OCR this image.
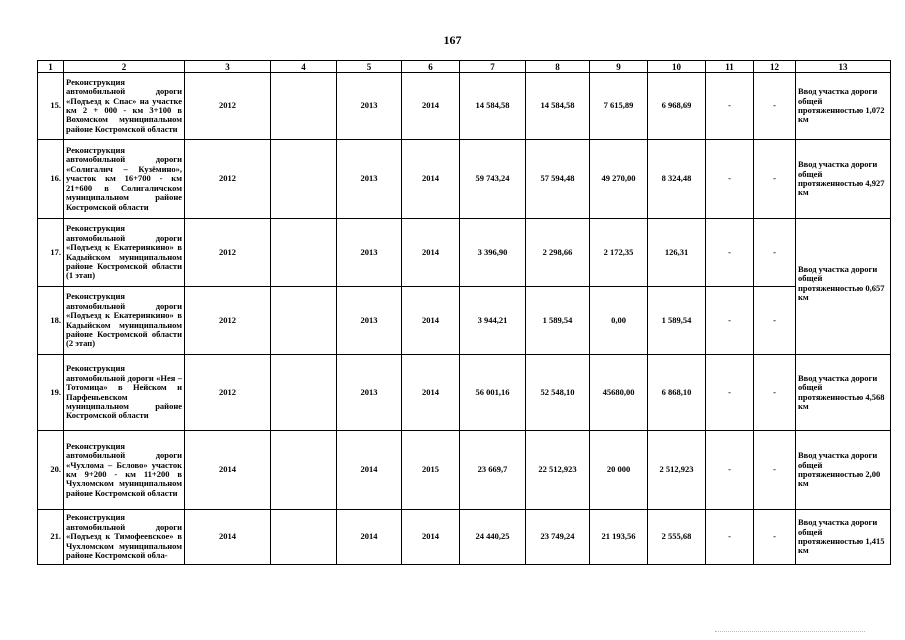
167
1	2	3	4	5	6	7	8	9	10	11	12	13
15.	Реконструкция автомобильной дороги «Подъезд к Спас» на участке км 2 + 000 - км 3+100 в Вохомском муниципальном районе Костромской области	2012		2013	2014	14 584,58	14 584,58	7 615,89	6 968,69	-	-	Ввод участка дороги общей протяженностью 1,072 км
16.	Реконструкция автомобильной дороги «Солигалич – Кузёмино», участок км 16+700 - км 21+600 в Солигаличском муниципальном районе Костромской области	2012		2013	2014	59 743,24	57 594,48	49 270,00	8 324,48	-	-	Ввод участка дороги общей протяженностью 4,927 км
17.	Реконструкция автомобильной дороги «Подъезд к Екатеринкино» в Кадыйском муниципальном районе Костромской области (1 этап)	2012		2013	2014	3 396,90	2 298,66	2 172,35	126,31	-	-	Ввод участка дороги общей протяженностью 0,657 км

18.	Реконструкция автомобильной дороги «Подъезд к Екатеринкино» в Кадыйском муниципальном районе Костромской области (2 этап)	2012		2013	2014	3 944,21	1 589,54	0,00	1 589,54	-	-	
19.	Реконструкция автомобильной дороги «Нея – Тотомица» в Нейском и Парфеньевском муниципальном районе Костромской области	2012		2013	2014	56 001,16	52 548,10	45680,00	6 868,10	-	-	Ввод участка дороги общей протяженностью 4,568 км
20.	Реконструкция автомобильной дороги «Чухлома – Бслово» участок км 9+200 - км 11+200 в Чухломском муниципальном районе Костромской области	2014		2014	2015	23 669,7	22 512,923	20 000	2 512,923	-	-	Ввод участка дороги общей протяженностью 2,00 км
21.	Реконструкция автомобильной дороги «Подъезд к Тимофеевское» в Чухломском муниципальном районе Костромской обла-	2014		2014	2014	24 440,25	23 749,24	21 193,56	2 555,68	-	-	Ввод участка дороги общей протяженностью 1,415 км
